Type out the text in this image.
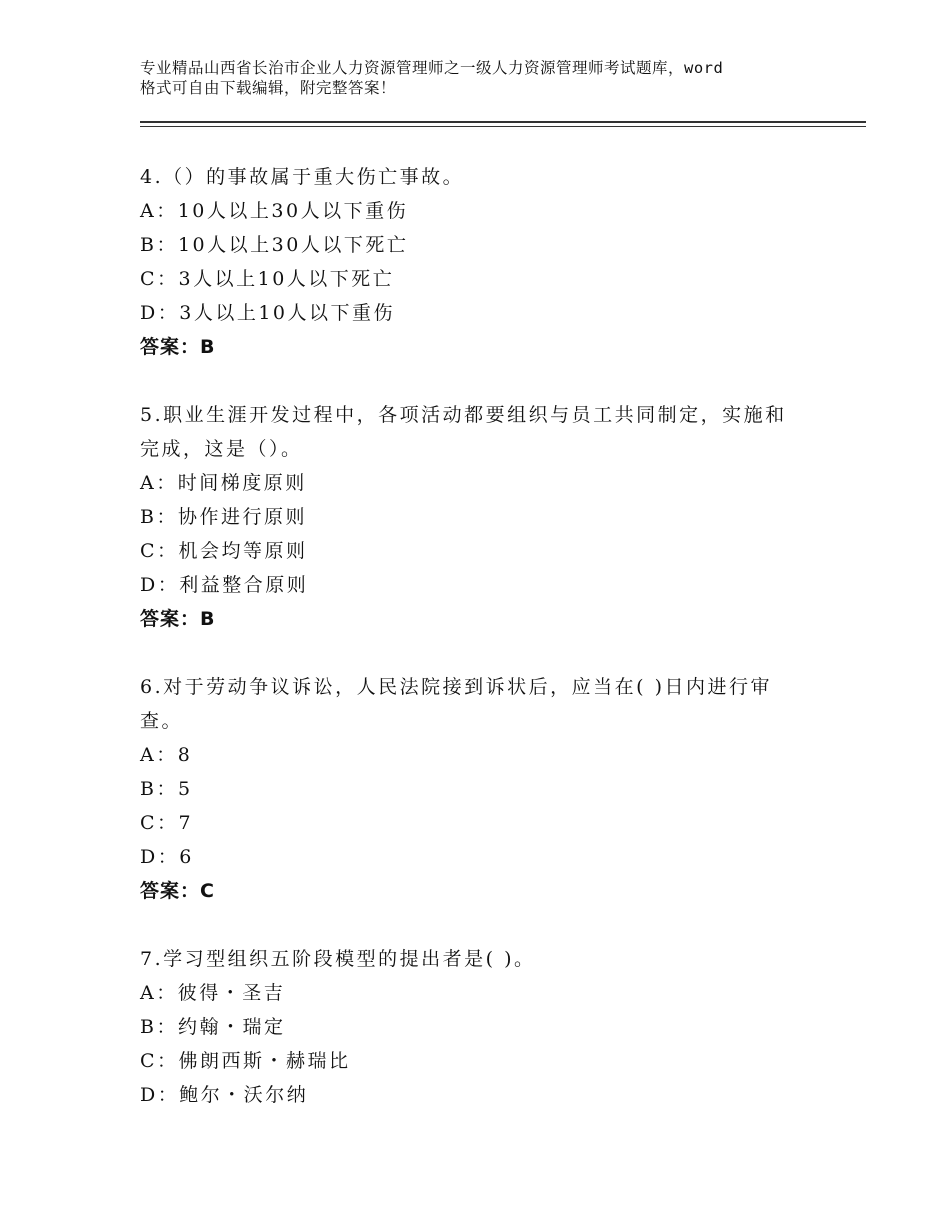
专业精品山西省长治市企业人力资源管理师之一级人力资源管理师考试题库，word
格式可自由下载编辑，附完整答案！
4.（）的事故属于重大伤亡事故。
A：10人以上30人以下重伤
B：10人以上30人以下死亡
C：3人以上10人以下死亡
D：3人以上10人以下重伤
答案：B
5.职业生涯开发过程中，各项活动都要组织与员工共同制定，实施和
完成，这是（）。
A：时间梯度原则
B：协作进行原则
C：机会均等原则
D：利益整合原则
答案：B
6.对于劳动争议诉讼，人民法院接到诉状后，应当在( )日内进行审
查。
A：8
B：5
C：7
D：6
答案：C
7.学习型组织五阶段模型的提出者是( )。
A：彼得・圣吉
B：约翰・瑞定
C：佛朗西斯・赫瑞比
D：鲍尔・沃尔纳
